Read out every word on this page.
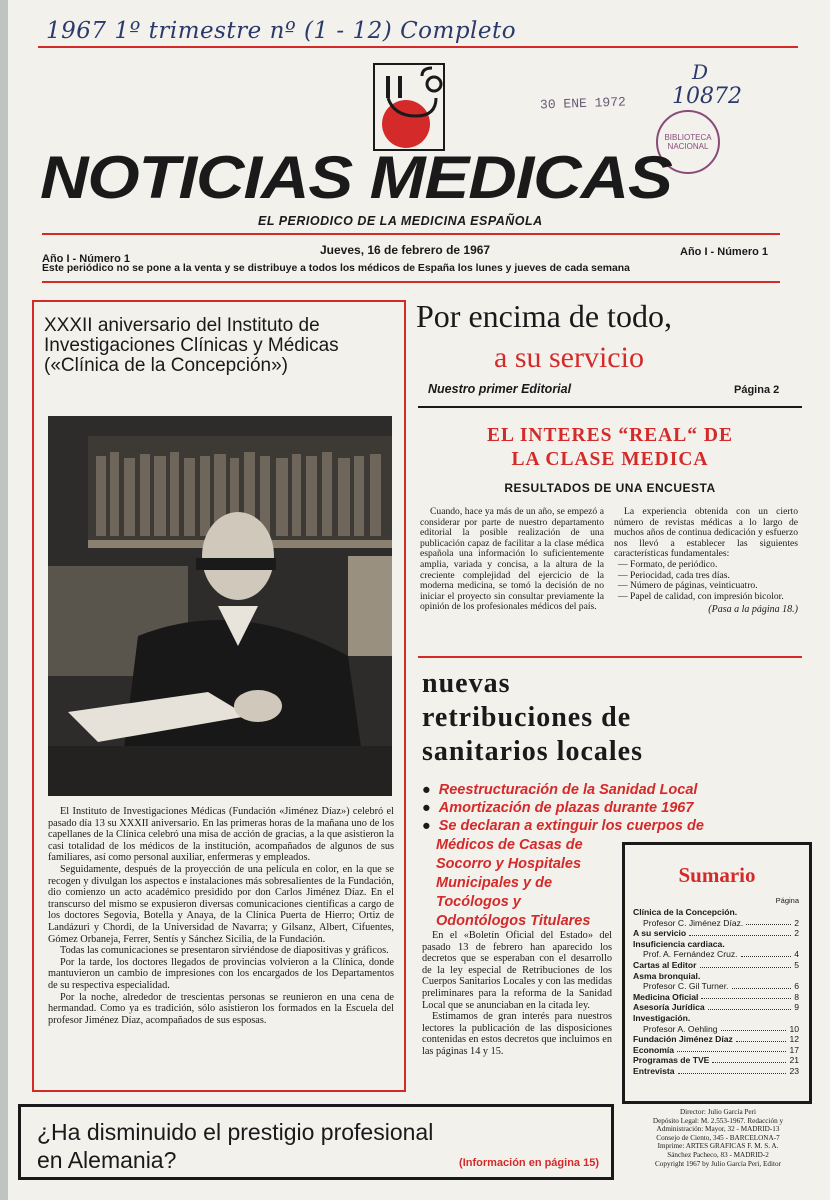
1967 1º trimestre nº (1 - 12) Completo
D
10872
30 ENE 1972
BIBLIOTECA NACIONAL
NOTICIAS MEDICAS
EL PERIODICO DE LA MEDICINA ESPAÑOLA
Jueves, 16 de febrero de 1967
Año I - Número 1
Año I - Número 1
Este periódico no se pone a la venta y se distribuye a todos los médicos de España los lunes y jueves de cada semana
XXXII aniversario del Instituto de Investigaciones Clínicas y Médicas («Clínica de la Concepción»)

El Instituto de Investigaciones Médicas (Fundación «Jiménez Díaz») celebró el pasado día 13 su XXXII aniversario. En las primeras horas de la mañana uno de los capellanes de la Clínica celebró una misa de acción de gracias, a la que asistieron la casi totalidad de los médicos de la institución, acompañados de algunos de sus familiares, así como personal auxiliar, enfermeras y empleados.

Seguidamente, después de la proyección de una película en color, en la que se recogen y divulgan los aspectos e instalaciones más sobresalientes de la Fundación, dio comienzo un acto académico presidido por don Carlos Jiménez Díaz. En el transcurso del mismo se expusieron diversas comunicaciones científicas a cargo de los doctores Segovia, Botella y Anaya, de la Clínica Puerta de Hierro; Ortiz de Landázuri y Chordi, de la Universidad de Navarra; y Gilsanz, Albert, Cifuentes, Gómez Orbaneja, Ferrer, Sentís y Sánchez Sicilia, de la Fundación.

Todas las comunicaciones se presentaron sirviéndose de diapositivas y gráficos.

Por la tarde, los doctores llegados de provincias volvieron a la Clínica, donde mantuvieron un cambio de impresiones con los encargados de los Departamentos de su respectiva especialidad.

Por la noche, alrededor de trescientas personas se reunieron en una cena de hermandad. Como ya es tradición, sólo asistieron los formados en la Escuela del profesor Jiménez Díaz, acompañados de sus esposas.

Por encima de todo,
a su servicio
Nuestro primer Editorial	Página 2
EL INTERES “REAL“ DE
LA CLASE MEDICA
RESULTADOS DE UNA ENCUESTA
Cuando, hace ya más de un año, se empezó a considerar por parte de nuestro departamento editorial la posible realización de una publicación capaz de facilitar a la clase médica española una información lo suficientemente amplia, variada y concisa, a la altura de la creciente complejidad del ejercicio de la moderna medicina, se tomó la decisión de no iniciar el proyecto sin consultar previamente la opinión de los profesionales médicos del país.
La experiencia obtenida con un cierto número de revistas médicas a lo largo de muchos años de continua dedicación y esfuerzo nos llevó a establecer las siguientes características fundamentales:
— Formato, de periódico.
— Periocidad, cada tres días.
— Número de páginas, veinticuatro.
— Papel de calidad, con impresión bicolor.
(Pasa a la página 18.)
nuevas
retribuciones de
sanitarios locales
● Reestructuración de la Sanidad Local
● Amortización de plazas durante 1967
● Se declaran a extinguir los cuerpos de
Médicos de Casas de
Socorro y Hospitales
Municipales y de
Tocólogos y
Odontólogos Titulares

En el «Boletín Oficial del Estado» del pasado 13 de febrero han aparecido los decretos que se esperaban con el desarrollo de la ley especial de Retribuciones de los Cuerpos Sanitarios Locales y con las medidas preliminares para la reforma de la Sanidad Local que se anunciaban en la citada ley.

Estimamos de gran interés para nuestros lectores la publicación de las disposiciones contenidas en estos decretos que incluimos en las páginas 14 y 15.

Sumario
Página
Clínica de la Concepción.
Profesor C. Jiménez Díaz.	2
A su servicio	2
Insuficiencia cardiaca.
Prof. A. Fernández Cruz.	4
Cartas al Editor	5
Asma bronquial.
Profesor C. Gil Turner.	6
Medicina Oficial	8
Asesoría Jurídica	9
Investigación.
Profesor A. Oehling	10
Fundación Jiménez Díaz	12
Economía	17
Programas de TVE	21
Entrevista	23
Director: Julio García Peri
Depósito Legal: M. 2.553-1967. Redacción y
Administración: Mayor, 32 - MADRID-13
Consejo de Ciento, 345 - BARCELONA-7
Imprime: ARTES GRAFICAS F. M. S. A.
Sánchez Pacheco, 83 - MADRID-2
Copyright 1967 by Julio García Peri, Editor
¿Ha disminuido el prestigio profesional
en Alemania?	(Información en página 15)
